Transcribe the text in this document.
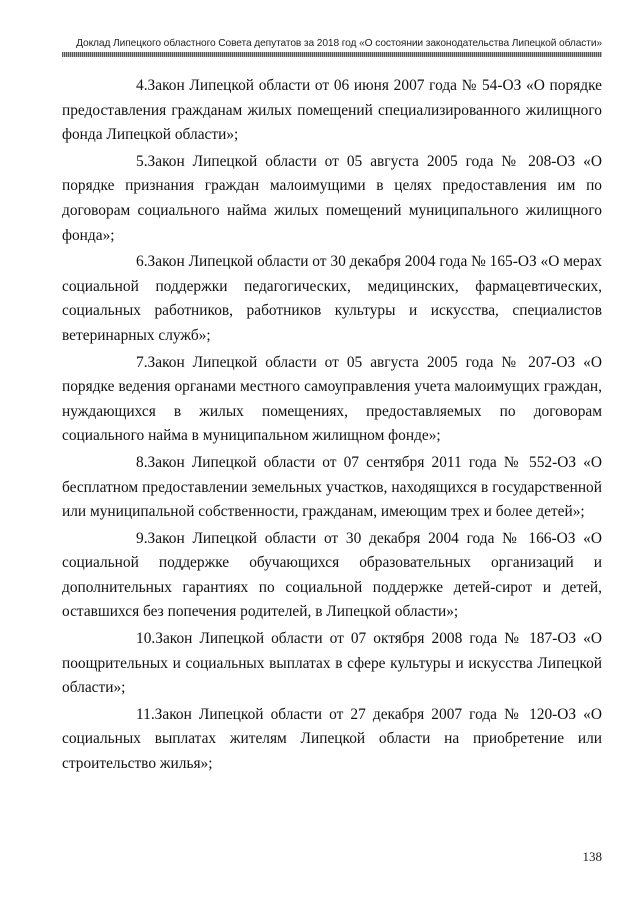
Доклад Липецкого областного Совета депутатов за 2018 год «О состоянии законодательства Липецкой области»

4.Закон Липецкой области от 06 июня 2007 года № 54-ОЗ «О порядке предоставления гражданам жилых помещений специализированного жилищного фонда Липецкой области»;

5.Закон Липецкой области от 05 августа 2005 года № 208-ОЗ «О порядке признания граждан малоимущими в целях предоставления им по договорам социального найма жилых помещений муниципального жилищного фонда»;

6.Закон Липецкой области от 30 декабря 2004 года № 165-ОЗ «О мерах социальной поддержки педагогических, медицинских, фармацевтических, социальных работников, работников культуры и искусства, специалистов ветеринарных служб»;

7.Закон Липецкой области от 05 августа 2005 года № 207-ОЗ «О порядке ведения органами местного самоуправления учета малоимущих граждан, нуждающихся в жилых помещениях, предоставляемых по договорам социального найма в муниципальном жилищном фонде»;

8.Закон Липецкой области от 07 сентября 2011 года № 552-ОЗ «О бесплатном предоставлении земельных участков, находящихся в государственной или муниципальной собственности, гражданам, имеющим трех и более детей»;

9.Закон Липецкой области от 30 декабря 2004 года № 166-ОЗ «О социальной поддержке обучающихся образовательных организаций и дополнительных гарантиях по социальной поддержке детей-сирот и детей, оставшихся без попечения родителей, в Липецкой области»;

10.Закон Липецкой области от 07 октября 2008 года № 187-ОЗ «О поощрительных и социальных выплатах в сфере культуры и искусства Липецкой области»;

11.Закон Липецкой области от 27 декабря 2007 года № 120-ОЗ «О социальных выплатах жителям Липецкой области на приобретение или строительство жилья»;

138
